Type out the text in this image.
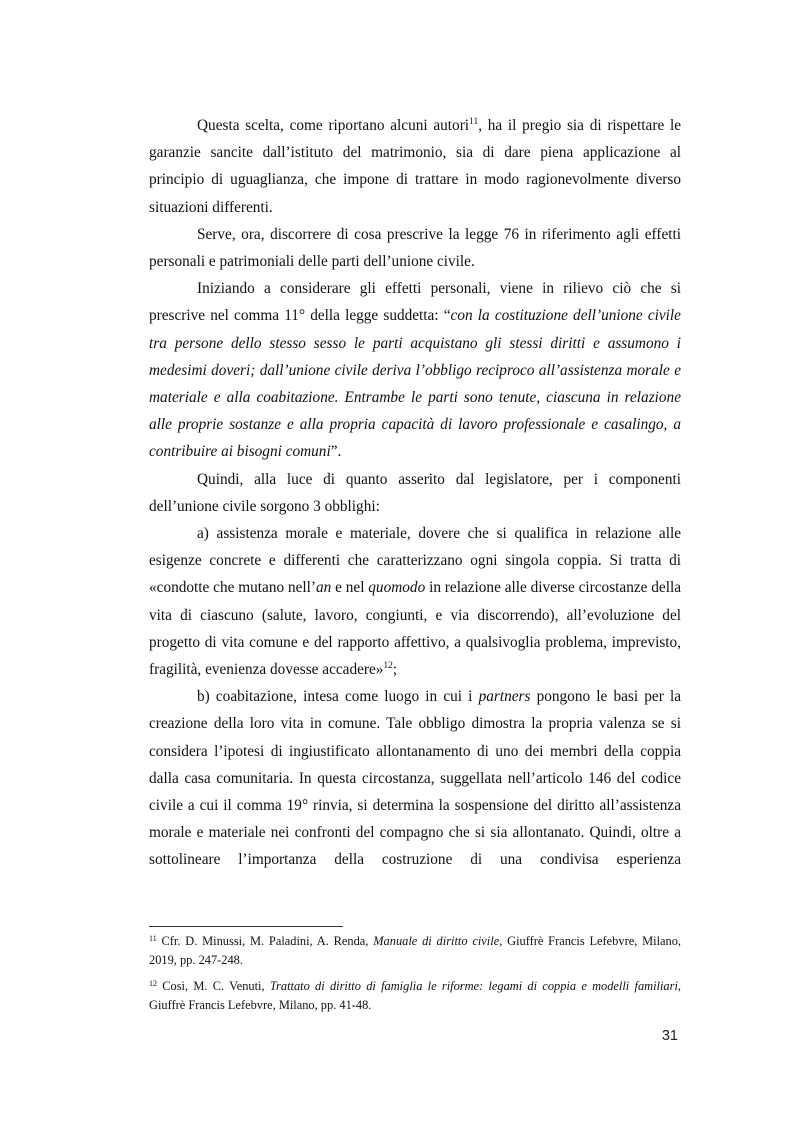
Questa scelta, come riportano alcuni autori$^{11}$, ha il pregio sia di rispettare le garanzie sancite dall’istituto del matrimonio, sia di dare piena applicazione al principio di uguaglianza, che impone di trattare in modo ragionevolmente diverso situazioni differenti.

Serve, ora, discorrere di cosa prescrive la legge 76 in riferimento agli effetti personali e patrimoniali delle parti dell’unione civile.

Iniziando a considerare gli effetti personali, viene in rilievo ciò che si prescrive nel comma 11° della legge suddetta: “con la costituzione dell’unione civile tra persone dello stesso sesso le parti acquistano gli stessi diritti e assumono i medesimi doveri; dall’unione civile deriva l’obbligo reciproco all’assistenza morale e materiale e alla coabitazione. Entrambe le parti sono tenute, ciascuna in relazione alle proprie sostanze e alla propria capacità di lavoro professionale e casalingo, a contribuire ai bisogni comuni”.

Quindi, alla luce di quanto asserito dal legislatore, per i componenti dell’unione civile sorgono 3 obblighi:

a) assistenza morale e materiale, dovere che si qualifica in relazione alle esigenze concrete e differenti che caratterizzano ogni singola coppia. Si tratta di «condotte che mutano nell’an e nel quomodo in relazione alle diverse circostanze della vita di ciascuno (salute, lavoro, congiunti, e via discorrendo), all’evoluzione del progetto di vita comune e del rapporto affettivo, a qualsivoglia problema, imprevisto, fragilità, evenienza dovesse accadere»$^{12}$;

b) coabitazione, intesa come luogo in cui i partners pongono le basi per la creazione della loro vita in comune. Tale obbligo dimostra la propria valenza se si considera l’ipotesi di ingiustificato allontanamento di uno dei membri della coppia dalla casa comunitaria. In questa circostanza, suggellata nell’articolo 146 del codice civile a cui il comma 19° rinvia, si determina la sospensione del diritto all’assistenza morale e materiale nei confronti del compagno che si sia allontanato. Quindi, oltre a sottolineare l’importanza della costruzione di una condivisa esperienza

$^{11}$ Cfr. D. Minussi, M. Paladini, A. Renda, Manuale di diritto civile, Giuffrè Francis Lefebvre, Milano, 2019, pp. 247-248.

$^{12}$ Cosi, M. C. Venuti, Trattato di diritto di famiglia le riforme: legami di coppia e modelli familiari, Giuffrè Francis Lefebvre, Milano, pp. 41-48.

31
